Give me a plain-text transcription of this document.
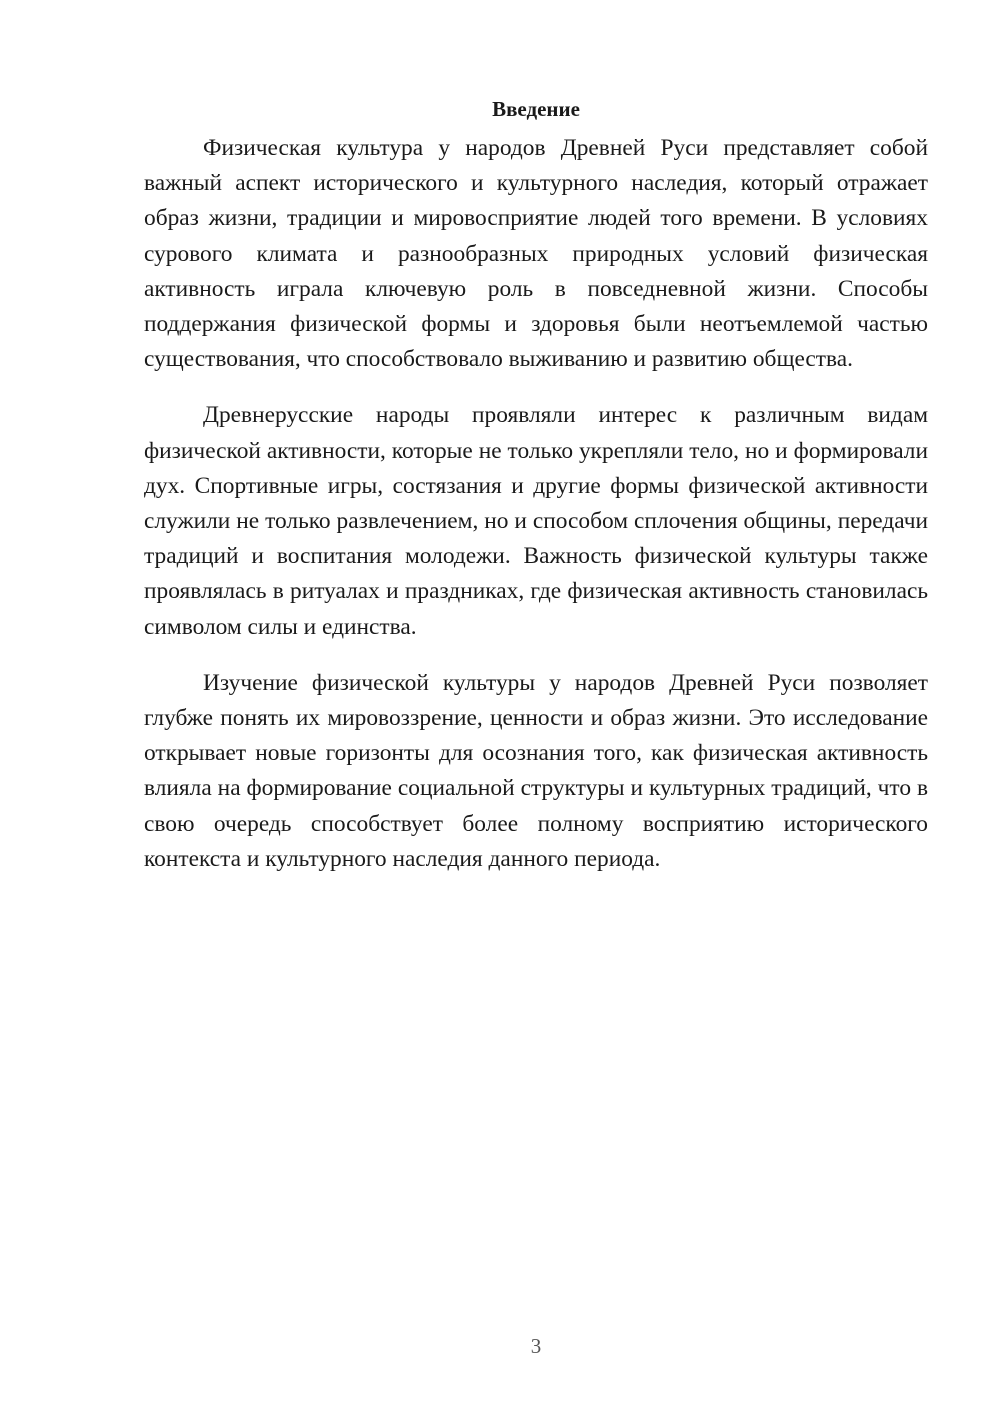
Введение

Физическая культура у народов Древней Руси представляет собой важный аспект исторического и культурного наследия, который отражает образ жизни, традиции и мировосприятие людей того времени. В условиях сурового климата и разнообразных природных условий физическая активность играла ключевую роль в повседневной жизни. Способы поддержания физической формы и здоровья были неотъемлемой частью существования, что способствовало выживанию и развитию общества.

Древнерусские народы проявляли интерес к различным видам физической активности, которые не только укрепляли тело, но и формировали дух. Спортивные игры, состязания и другие формы физической активности служили не только развлечением, но и способом сплочения общины, передачи традиций и воспитания молодежи. Важность физической культуры также проявлялась в ритуалах и праздниках, где физическая активность становилась символом силы и единства.

Изучение физической культуры у народов Древней Руси позволяет глубже понять их мировоззрение, ценности и образ жизни. Это исследование открывает новые горизонты для осознания того, как физическая активность влияла на формирование социальной структуры и культурных традиций, что в свою очередь способствует более полному восприятию исторического контекста и культурного наследия данного периода.

3
